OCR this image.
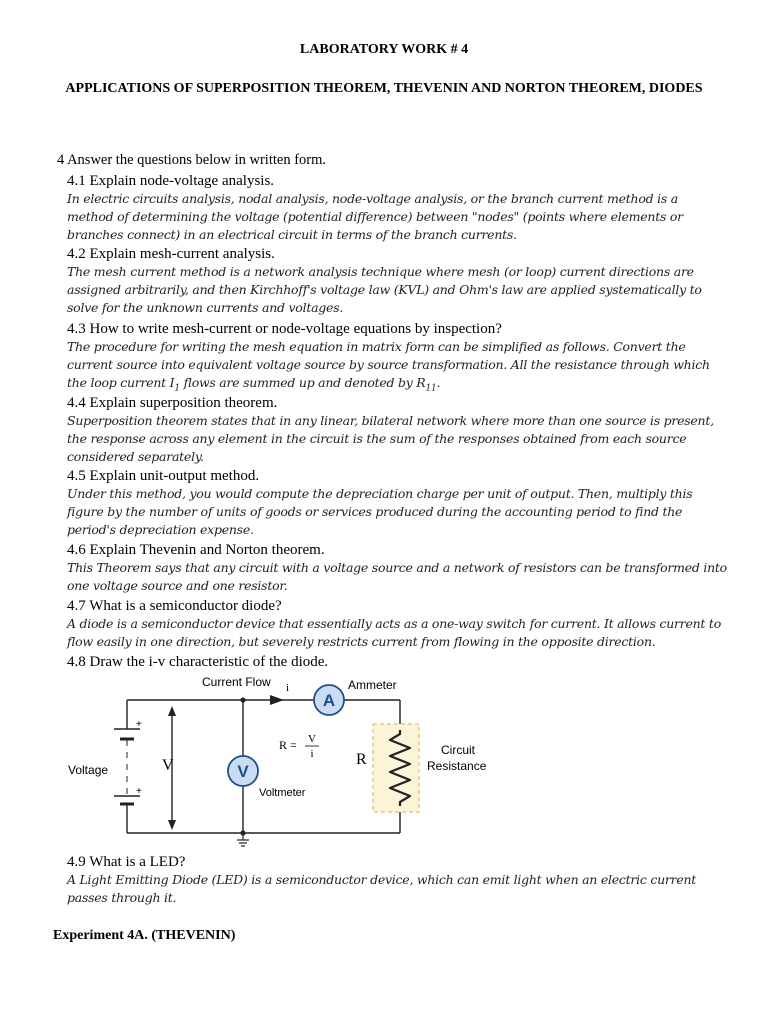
LABORATORY WORK # 4
APPLICATIONS OF SUPERPOSITION THEOREM, THEVENIN AND NORTON THEOREM, DIODES
4 Answer the questions below in written form.
4.1 Explain node-voltage analysis.
In electric circuits analysis, nodal analysis, node-voltage analysis, or the branch current method is a method of determining the voltage (potential difference) between "nodes" (points where elements or branches connect) in an electrical circuit in terms of the branch currents.
4.2 Explain mesh-current analysis.
The mesh current method is a network analysis technique where mesh (or loop) current directions are assigned arbitrarily, and then Kirchhoff's voltage law (KVL) and Ohm's law are applied systematically to solve for the unknown currents and voltages.
4.3 How to write mesh-current or node-voltage equations by inspection?
The procedure for writing the mesh equation in matrix form can be simplified as follows. Convert the current source into equivalent voltage source by source transformation. All the resistance through which the loop current $I_1$ flows are summed up and denoted by $R_{11}$.
4.4 Explain superposition theorem.
Superposition theorem states that in any linear, bilateral network where more than one source is present, the response across any element in the circuit is the sum of the responses obtained from each source considered separately.
4.5 Explain unit-output method.
Under this method, you would compute the depreciation charge per unit of output. Then, multiply this figure by the number of units of goods or services produced during the accounting period to find the period's depreciation expense.
4.6 Explain Thevenin and Norton theorem.
This Theorem says that any circuit with a voltage source and a network of resistors can be transformed into one voltage source and one resistor.
4.7 What is a semiconductor diode?
A diode is a semiconductor device that essentially acts as a one-way switch for current. It allows current to flow easily in one direction, but severely restricts current from flowing in the opposite direction.
4.8 Draw the i-v characteristic of the diode.
+
+
A
V
Current Flow i	Ammeter
Voltage	V
R = V
i	R
Circuit
Resistance
Voltmeter
4.9 What is a LED?
A Light Emitting Diode (LED) is a semiconductor device, which can emit light when an electric current passes through it.
Experiment 4A. (THEVENIN)
